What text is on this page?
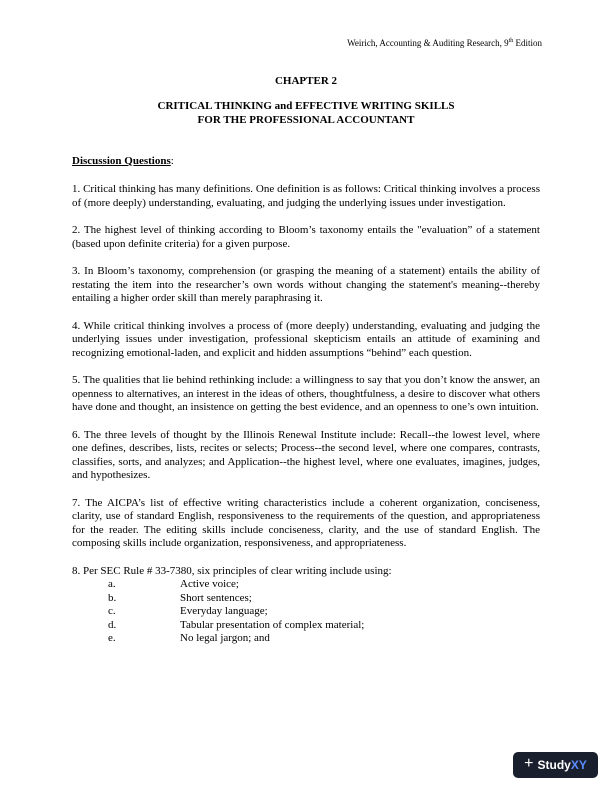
Weirich, Accounting & Auditing Research, 9th Edition
CHAPTER 2
CRITICAL THINKING and EFFECTIVE WRITING SKILLS
FOR THE PROFESSIONAL ACCOUNTANT
Discussion Questions:

1. Critical thinking has many definitions. One definition is as follows: Critical thinking involves a process of (more deeply) understanding, evaluating, and judging the underlying issues under investigation.

2. The highest level of thinking according to Bloom’s taxonomy entails the "evaluation” of a statement (based upon definite criteria) for a given purpose.

3. In Bloom’s taxonomy, comprehension (or grasping the meaning of a statement) entails the ability of restating the item into the researcher’s own words without changing the statement's meaning--thereby entailing a higher order skill than merely paraphrasing it.

4. While critical thinking involves a process of (more deeply) understanding, evaluating and judging the underlying issues under investigation, professional skepticism entails an attitude of examining and recognizing emotional-laden, and explicit and hidden assumptions “behind” each question.

5. The qualities that lie behind rethinking include: a willingness to say that you don’t know the answer, an openness to alternatives, an interest in the ideas of others, thoughtfulness, a desire to discover what others have done and thought, an insistence on getting the best evidence, and an openness to one’s own intuition.

6. The three levels of thought by the Illinois Renewal Institute include: Recall--the lowest level, where one defines, describes, lists, recites or selects; Process--the second level, where one compares, contrasts, classifies, sorts, and analyzes; and Application--the highest level, where one evaluates, imagines, judges, and hypothesizes.

7. The AICPA’s list of effective writing characteristics include a coherent organization, conciseness, clarity, use of standard English, responsiveness to the requirements of the question, and appropriateness for the reader. The editing skills include conciseness, clarity, and the use of standard English. The composing skills include organization, responsiveness, and appropriateness.

8. Per SEC Rule # 33-7380, six principles of clear writing include using:

a.	Active voice;
b.	Short sentences;
c.	Everyday language;
d.	Tabular presentation of complex material;
e.	No legal jargon; and
+ StudyXY
